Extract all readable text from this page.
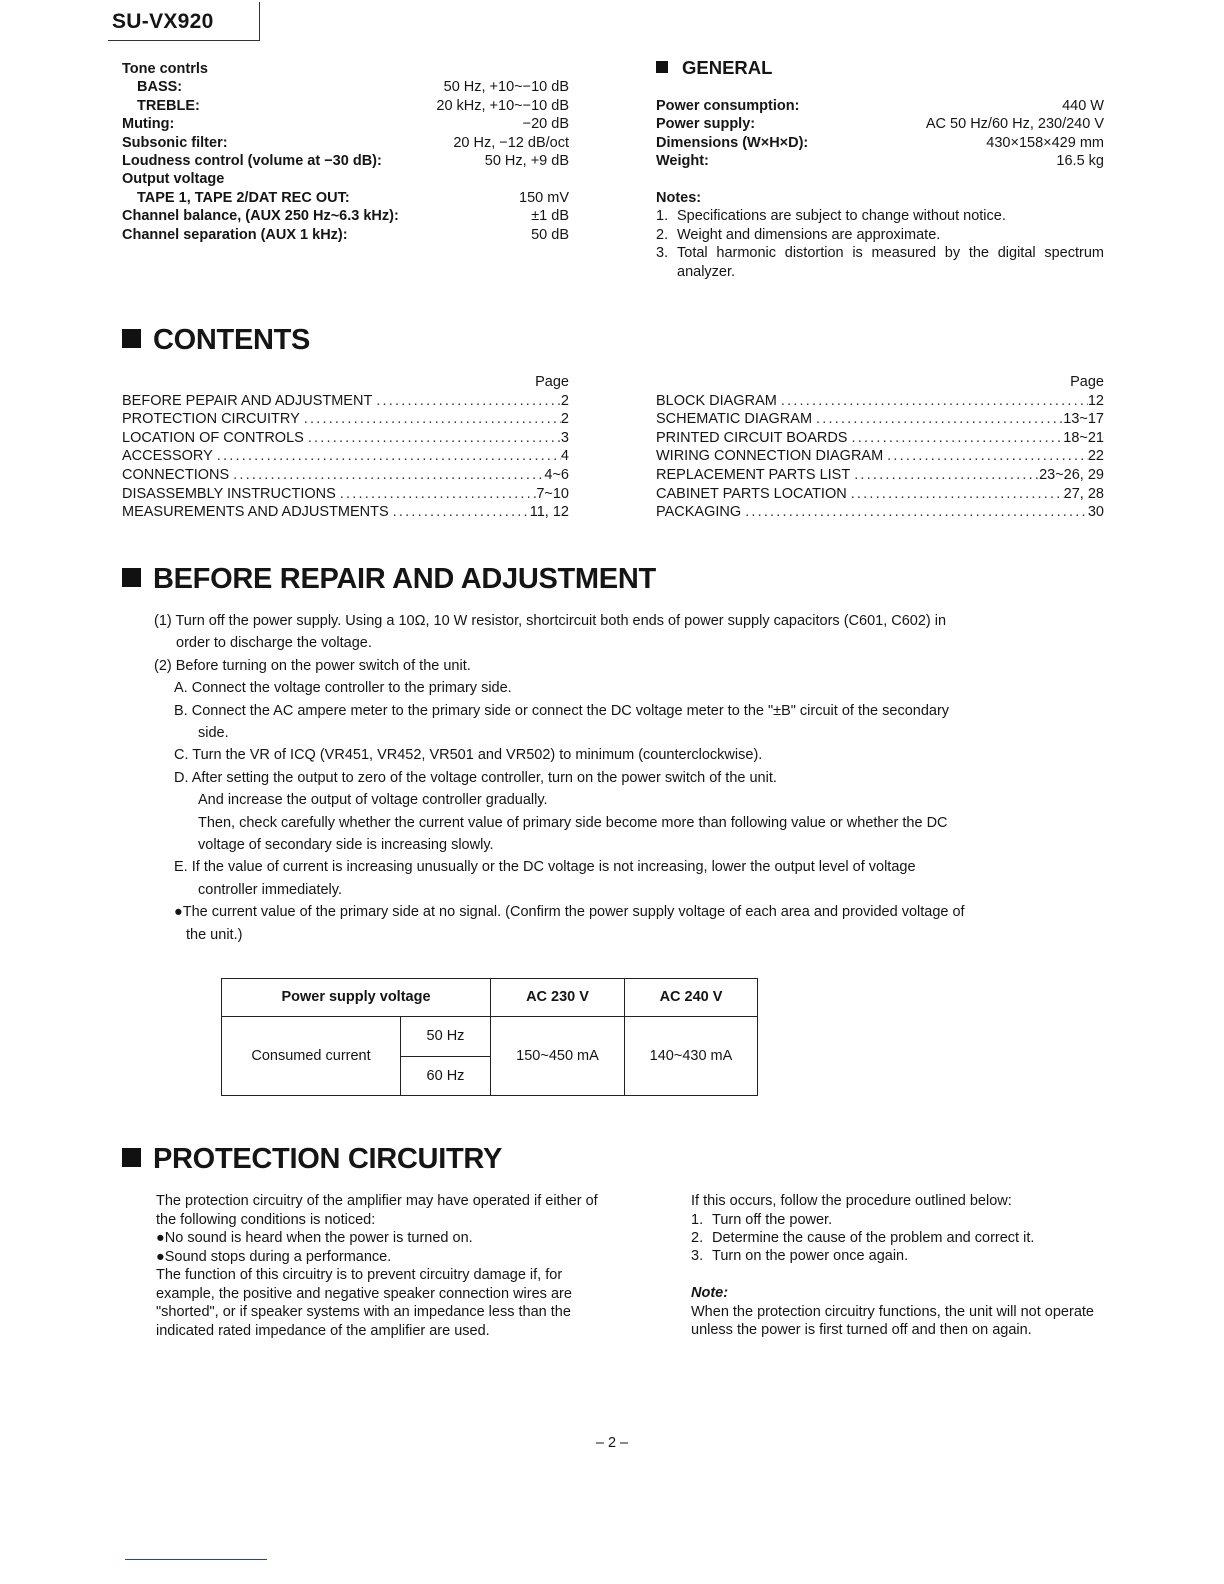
SU-VX920
Tone contrls
BASS:	50 Hz, +10~−10 dB
TREBLE:	20 kHz, +10~−10 dB
Muting:	−20 dB
Subsonic filter:	20 Hz, −12 dB/oct
Loudness control (volume at −30 dB):	50 Hz, +9 dB
Output voltage
TAPE 1, TAPE 2/DAT REC OUT:	150 mV
Channel balance, (AUX 250 Hz~6.3 kHz):	±1 dB
Channel separation (AUX 1 kHz):	50 dB
GENERAL
Power consumption:	440 W
Power supply:	AC 50 Hz/60 Hz, 230/240 V
Dimensions (W×H×D):	430×158×429 mm
Weight:	16.5 kg
Notes:
1. Specifications are subject to change without notice.
2. Weight and dimensions are approximate.
3. Total harmonic distortion is measured by the digital spectrum analyzer.
CONTENTS
Page
BEFORE PEPAIR AND ADJUSTMENT .....	2
PROTECTION CIRCUITRY .....	2
LOCATION OF CONTROLS .....	3
ACCESSORY .....	4
CONNECTIONS .....	4~6
DISASSEMBLY INSTRUCTIONS .....	7~10
MEASUREMENTS AND ADJUSTMENTS .....	11, 12
Page
BLOCK DIAGRAM .....	12
SCHEMATIC DIAGRAM .....	13~17
PRINTED CIRCUIT BOARDS .....	18~21
WIRING CONNECTION DIAGRAM .....	22
REPLACEMENT PARTS LIST .....	23~26, 29
CABINET PARTS LOCATION .....	27, 28
PACKAGING .....	30
BEFORE REPAIR AND ADJUSTMENT

(1) Turn off the power supply. Using a 10Ω, 10 W resistor, shortcircuit both ends of power supply capacitors (C601, C602) in

order to discharge the voltage.

(2) Before turning on the power switch of the unit.

A. Connect the voltage controller to the primary side.

B. Connect the AC ampere meter to the primary side or connect the DC voltage meter to the "±B" circuit of the secondary

side.

C. Turn the VR of ICQ (VR451, VR452, VR501 and VR502) to minimum (counterclockwise).

D. After setting the output to zero of the voltage controller, turn on the power switch of the unit.

And increase the output of voltage controller gradually.

Then, check carefully whether the current value of primary side become more than following value or whether the DC

voltage of secondary side is increasing slowly.

E. If the value of current is increasing unusually or the DC voltage is not increasing, lower the output level of voltage

controller immediately.

●The current value of the primary side at no signal. (Confirm the power supply voltage of each area and provided voltage of

the unit.)

Power supply voltage		AC 230 V	AC 240 V
Consumed current	50 Hz	150~450 mA	140~430 mA
	60 Hz		
PROTECTION CIRCUITRY

The protection circuitry of the amplifier may have operated if either of

the following conditions is noticed:

●No sound is heard when the power is turned on.

●Sound stops during a performance.

The function of this circuitry is to prevent circuitry damage if, for

example, the positive and negative speaker connection wires are

"shorted", or if speaker systems with an impedance less than the

indicated rated impedance of the amplifier are used.

If this occurs, follow the procedure outlined below:

1. Turn off the power.
2. Determine the cause of the problem and correct it.
3. Turn on the power once again.

Note:

When the protection circuitry functions, the unit will not operate

unless the power is first turned off and then on again.

– 2 –
